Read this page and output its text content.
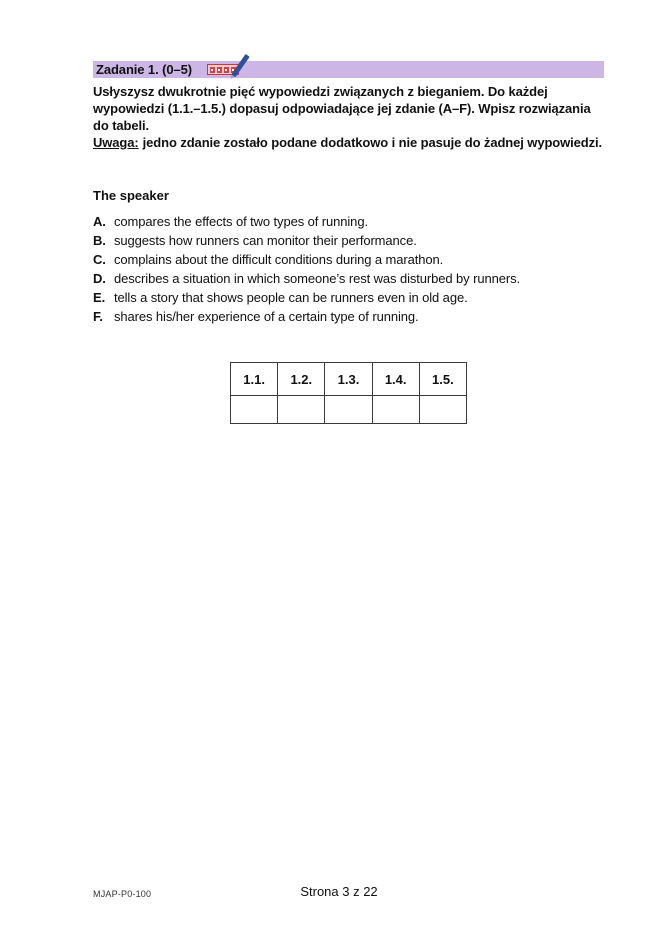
Zadanie 1. (0–5)
Usłyszysz dwukrotnie pięć wypowiedzi związanych z bieganiem. Do każdej
wypowiedzi (1.1.–1.5.) dopasuj odpowiadające jej zdanie (A–F). Wpisz rozwiązania
do tabeli.
Uwaga: jedno zdanie zostało podane dodatkowo i nie pasuje do żadnej wypowiedzi.
The speaker
A. compares the effects of two types of running.
B. suggests how runners can monitor their performance.
C. complains about the difficult conditions during a marathon.
D. describes a situation in which someone’s rest was disturbed by runners.
E. tells a story that shows people can be runners even in old age.
F. shares his/her experience of a certain type of running.
1.1.	1.2.	1.3.	1.4.	1.5.

MJAP-P0-100	Strona 3 z 22
